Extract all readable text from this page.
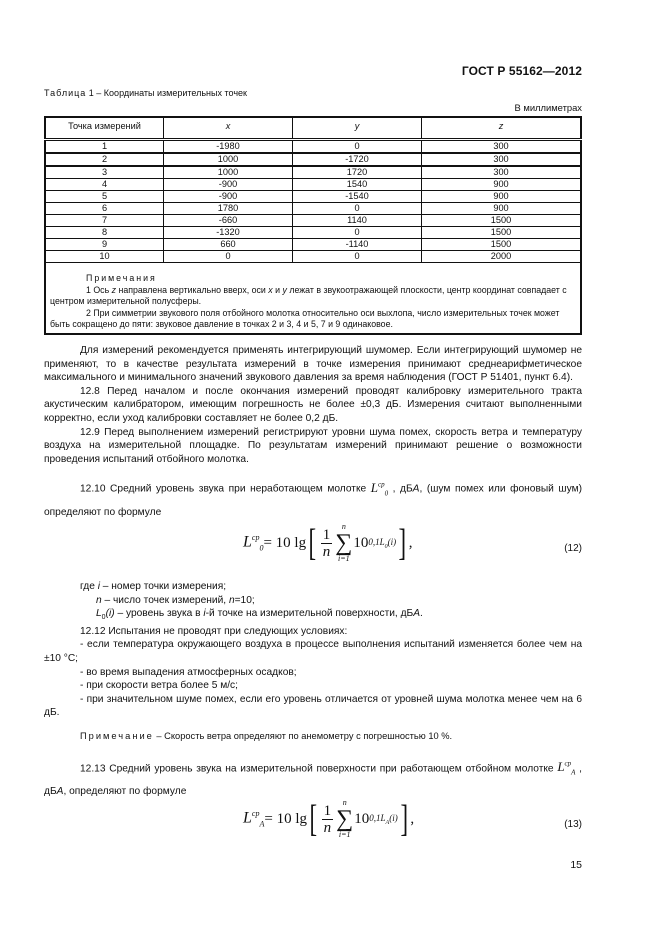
ГОСТ Р 55162—2012
Таблица 1 – Координаты измерительных точек
В миллиметрах
Точка измерений	x	y	z
1	-1980	0	300
2	1000	-1720	300
3	1000	1720	300
4	-900	1540	900
5	-900	-1540	900
6	1780	0	900
7	-660	1140	1500
8	-1320	0	1500
9	660	-1140	1500
10	0	0	2000

Примечания
1 Ось z направлена вертикально вверх, оси x и y лежат в звукоотражающей плоскости, центр координат совпадает с центром измерительной полусферы.
2 При симметрии звукового поля отбойного молотка относительно оси выхлопа, число измерительных точек может быть сокращено до пяти: звуковое давление в точках 2 и 3, 4 и 5, 7 и 9 одинаковое.			

Для измерений рекомендуется применять интегрирующий шумомер. Если интегрирующий шумомер не применяют, то в качестве результата измерений в точке измерения принимают среднеарифметическое максимального и минимального значений звукового давления за время наблюдения (ГОСТ Р 51401, пункт 6.4).

12.8 Перед началом и после окончания измерений проводят калибровку измерительного тракта акустическим калибратором, имеющим погрешность не более ±0,3 дБ. Измерения считают выполненными корректно, если уход калибровки составляет не более 0,2 дБ.

12.9 Перед выполнением измерений регистрируют уровни шума помех, скорость ветра и температуру воздуха на измерительной площадке. По результатам измерений принимают решение о возможности проведения испытаний отбойного молотка.

12.10 Средний уровень звука при неработающем молотке $L^{cp}_0$ , дБА, (шум помех или фоновый шум) определяют по формуле

$L^{cp}_0 = 10$ lg [ $\frac{1}{n}$ n
∑
i=1
10 $0,1L_0(i)$ ] ,	(12)

где i – номер точки измерения;

n – число точек измерений, n=10;

$L_0(i)$ – уровень звука в i-й точке на измерительной поверхности, дБА.

12.12 Испытания не проводят при следующих условиях:

- если температура окружающего воздуха в процессе выполнения испытаний изменяется более чем на ±10 °С;

- во время выпадения атмосферных осадков;

- при скорости ветра более 5 м/с;

- при значительном шуме помех, если его уровень отличается от уровней шума молотка менее чем на 6 дБ.

Примечание – Скорость ветра определяют по анемометру с погрешностью 10 %.

12.13 Средний уровень звука на измерительной поверхности при работающем отбойном молотке $L^{cp}_A$ , дБА, определяют по формуле

$L^{cp}_A = 10$ lg [ $\frac{1}{n}$ n
∑
i=1
10 $0,1L_A(i)$ ] ,	(13)
15
